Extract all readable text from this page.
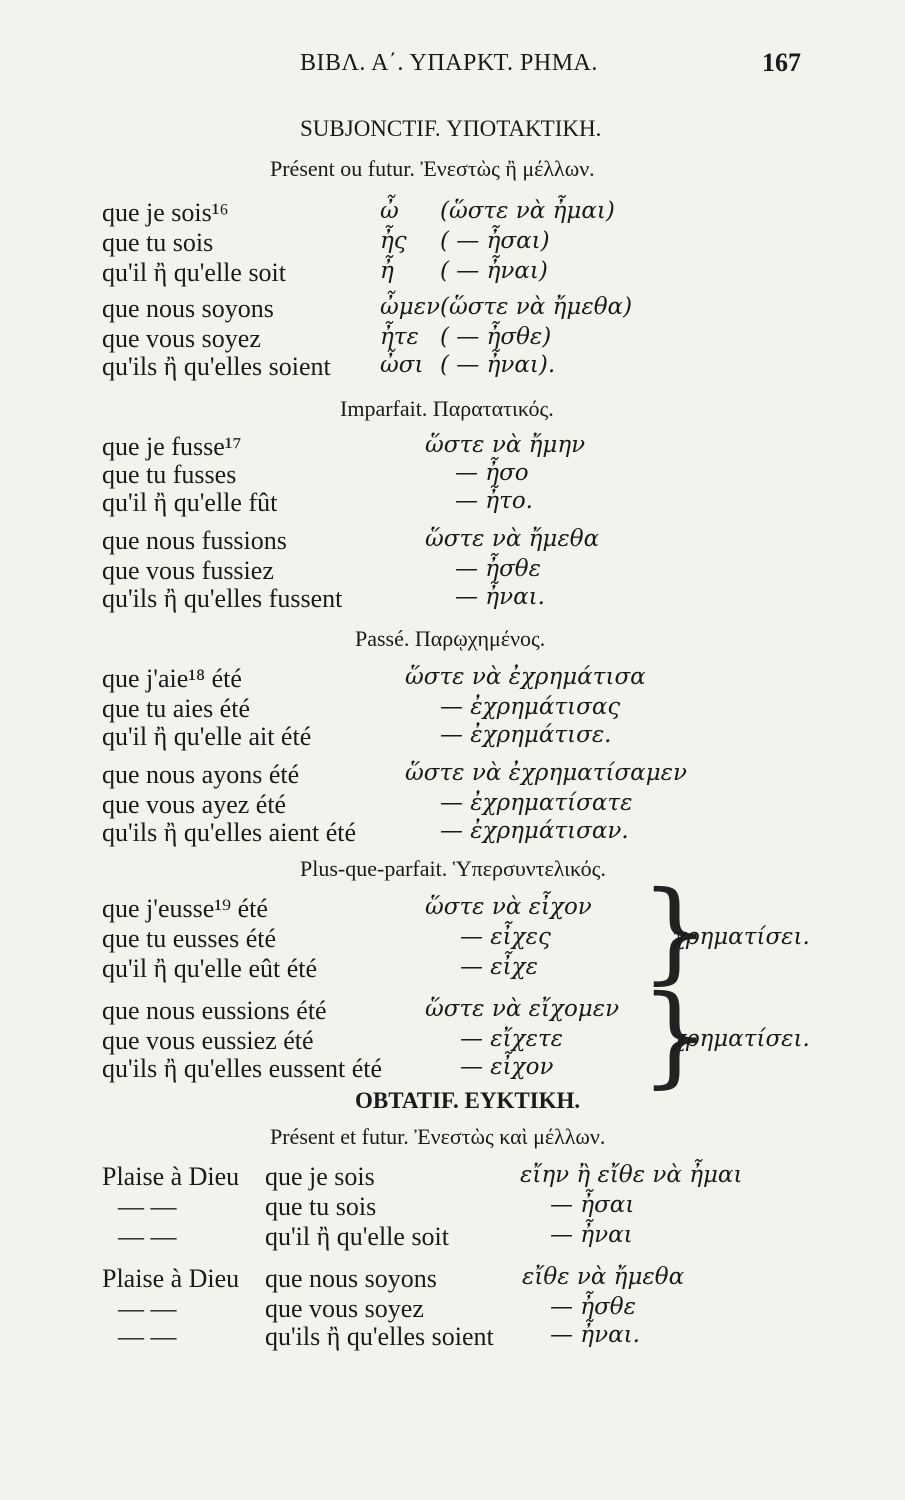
ΒΙΒΛ. Α΄. ΥΠΑΡΚΤ. ΡΗΜΑ.	167
SUBJONCTIF. ΥΠΟΤΑΚΤΙΚΗ.
Présent ou futur. Ἐνεστὼς ἢ μέλλων.
que je sois¹⁶	ὦ (ὥστε νὰ ἦμαι)
que tu sois	ἦς ( — ἦσαι)
qu'il ἢ qu'elle soit	ἦ ( — ἦναι)
que nous soyons	ὦμεν (ὥστε νὰ ἤμεθα)
que vous soyez	ἦτε ( — ἦσθε)
qu'ils ἢ qu'elles soient ὦσι ( — ἦναι).
Imparfait. Παρατατικός.
que je fusse¹⁷	ὥστε νὰ ἤμην
que tu fusses	— ἦσο
qu'il ἢ qu'elle fût	— ἦτο.
que nous fussions	ὥστε νὰ ἤμεθα
que vous fussiez	— ἦσθε
qu'ils ἢ qu'elles fussent	— ἦναι.
Passé. Παρῳχημένος.
que j'aie¹⁸ été	ὥστε νὰ ἐχρημάτισα
que tu aies été	— ἐχρημάτισας
qu'il ἢ qu'elle ait été	— ἐχρημάτισε.
que nous ayons été	ὥστε νὰ ἐχρηματίσαμεν
que vous ayez été	— ἐχρηματίσατε
qu'ils ἢ qu'elles aient été	— ἐχρημάτισαν.
Plus-que-parfait. Ὑπερσυντελικός.
que j'eusse¹⁹ été	ὥστε νὰ εἶχον
que tu eusses été	— εἶχες
qu'il ἢ qu'elle eût été	— εἶχε }
χρηματίσει.
que nous eussions été	ὥστε νὰ εἴχομεν
que vous eussiez été	— εἴχετε
qu'ils ἢ qu'elles eussent été	— εἶχον }
χρηματίσει.
OBTATIF. ΕΥΚΤΙΚΗ.
Présent et futur. Ἐνεστὼς καὶ μέλλων.
Plaise à Dieu que je sois	εἴην ἢ εἴθε νὰ ἦμαι
— —	que tu sois	— ἦσαι
— —	qu'il ἢ qu'elle soit	— ἦναι
Plaise à Dieu que nous soyons	εἴθε νὰ ἤμεθα
— —	que vous soyez	— ἦσθε
— —	qu'ils ἢ qu'elles soient — ἦναι.
